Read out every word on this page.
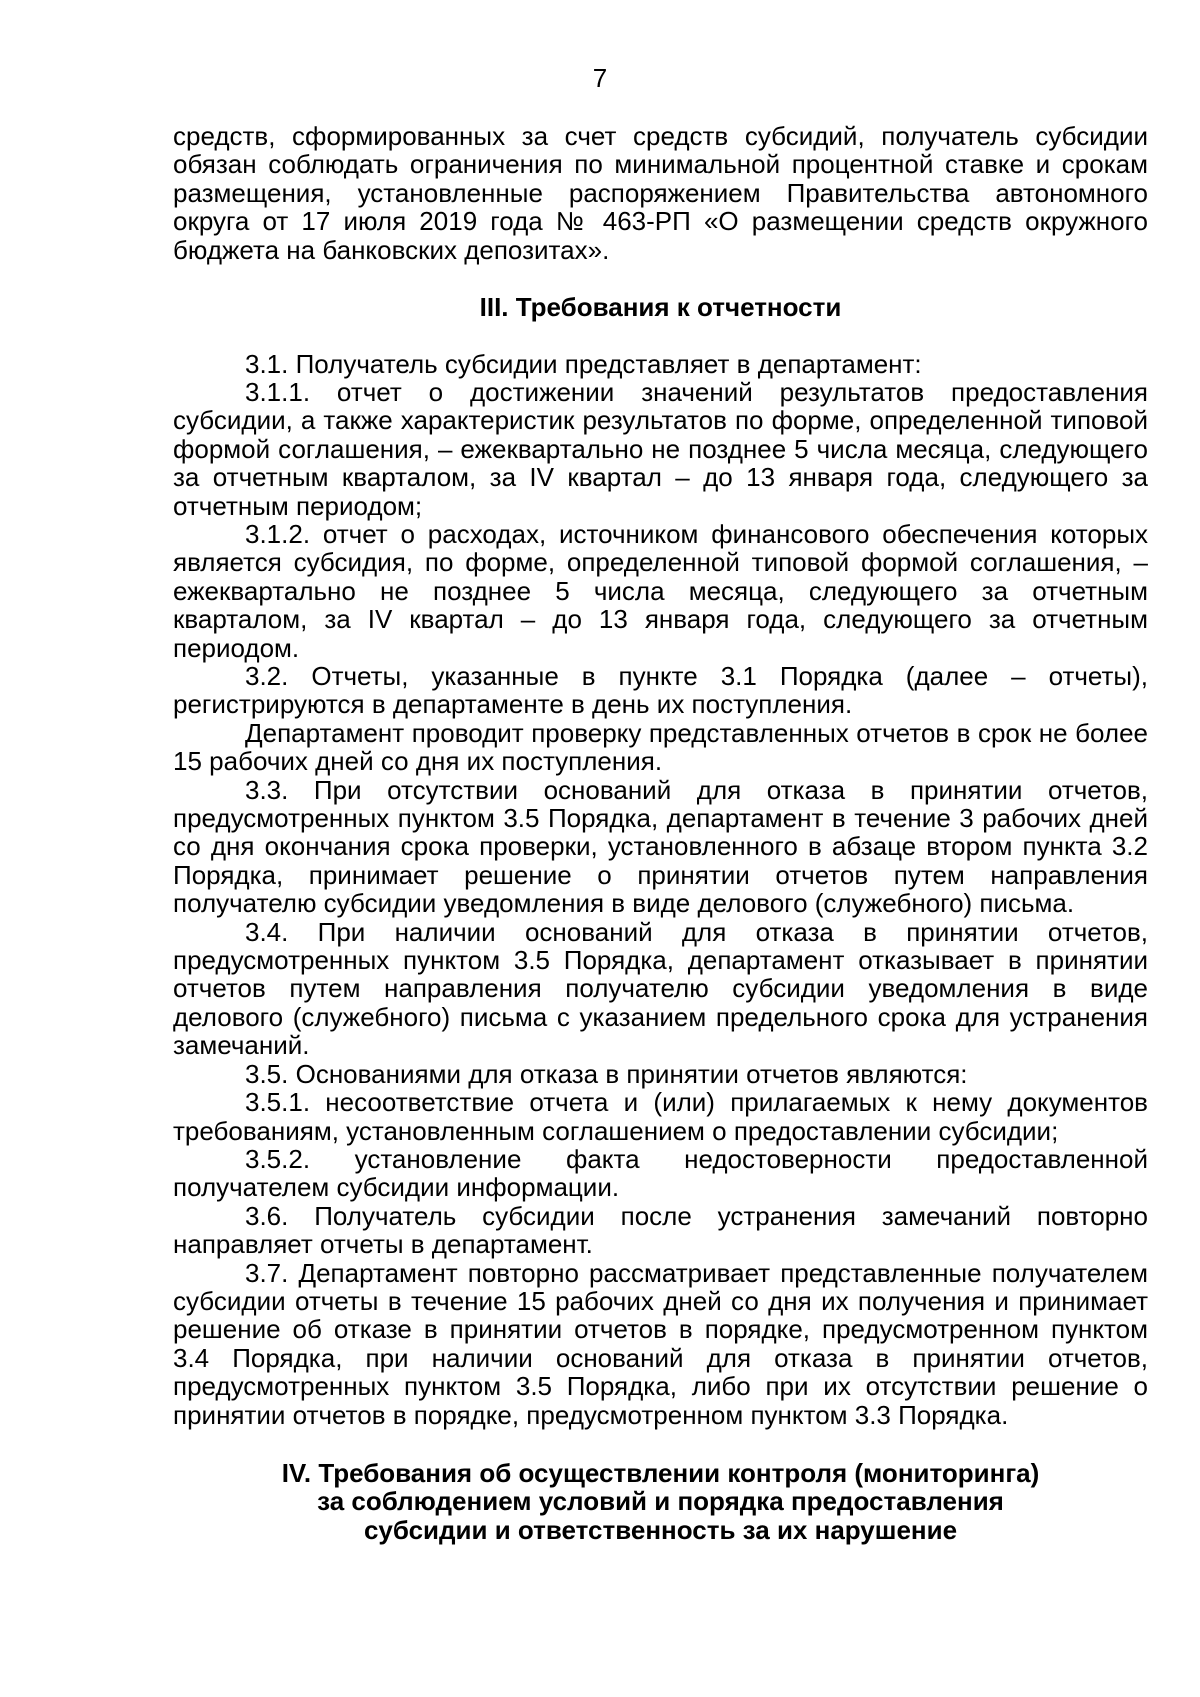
7

средств, сформированных за счет средств субсидий, получатель субсидии обязан соблюдать ограничения по минимальной процентной ставке и срокам размещения, установленные распоряжением Правительства автономного округа от 17 июля 2019 года № 463-РП «О размещении средств окружного бюджета на банковских депозитах».

III. Требования к отчетности

3.1. Получатель субсидии представляет в департамент:

3.1.1. отчет о достижении значений результатов предоставления субсидии, а также характеристик результатов по форме, определенной типовой формой соглашения, – ежеквартально не позднее 5 числа месяца, следующего за отчетным кварталом, за IV квартал – до 13 января года, следующего за отчетным периодом;

3.1.2. отчет о расходах, источником финансового обеспечения которых является субсидия, по форме, определенной типовой формой соглашения, – ежеквартально не позднее 5 числа месяца, следующего за отчетным кварталом, за IV квартал – до 13 января года, следующего за отчетным периодом.

3.2. Отчеты, указанные в пункте 3.1 Порядка (далее – отчеты), регистрируются в департаменте в день их поступления.

Департамент проводит проверку представленных отчетов в срок не более 15 рабочих дней со дня их поступления.

3.3. При отсутствии оснований для отказа в принятии отчетов, предусмотренных пунктом 3.5 Порядка, департамент в течение 3 рабочих дней со дня окончания срока проверки, установленного в абзаце втором пункта 3.2 Порядка, принимает решение о принятии отчетов путем направления получателю субсидии уведомления в виде делового (служебного) письма.

3.4. При наличии оснований для отказа в принятии отчетов, предусмотренных пунктом 3.5 Порядка, департамент отказывает в принятии отчетов путем направления получателю субсидии уведомления в виде делового (служебного) письма с указанием предельного срока для устранения замечаний.

3.5. Основаниями для отказа в принятии отчетов являются:

3.5.1. несоответствие отчета и (или) прилагаемых к нему документов требованиям, установленным соглашением о предоставлении субсидии;

3.5.2. установление факта недостоверности предоставленной получателем субсидии информации.

3.6. Получатель субсидии после устранения замечаний повторно направляет отчеты в департамент.

3.7. Департамент повторно рассматривает представленные получателем субсидии отчеты в течение 15 рабочих дней со дня их получения и принимает решение об отказе в принятии отчетов в порядке, предусмотренном пунктом 3.4 Порядка, при наличии оснований для отказа в принятии отчетов, предусмотренных пунктом 3.5 Порядка, либо при их отсутствии решение о принятии отчетов в порядке, предусмотренном пунктом 3.3 Порядка.

IV. Требования об осуществлении контроля (мониторинга)
за соблюдением условий и порядка предоставления
субсидии и ответственность за их нарушение
